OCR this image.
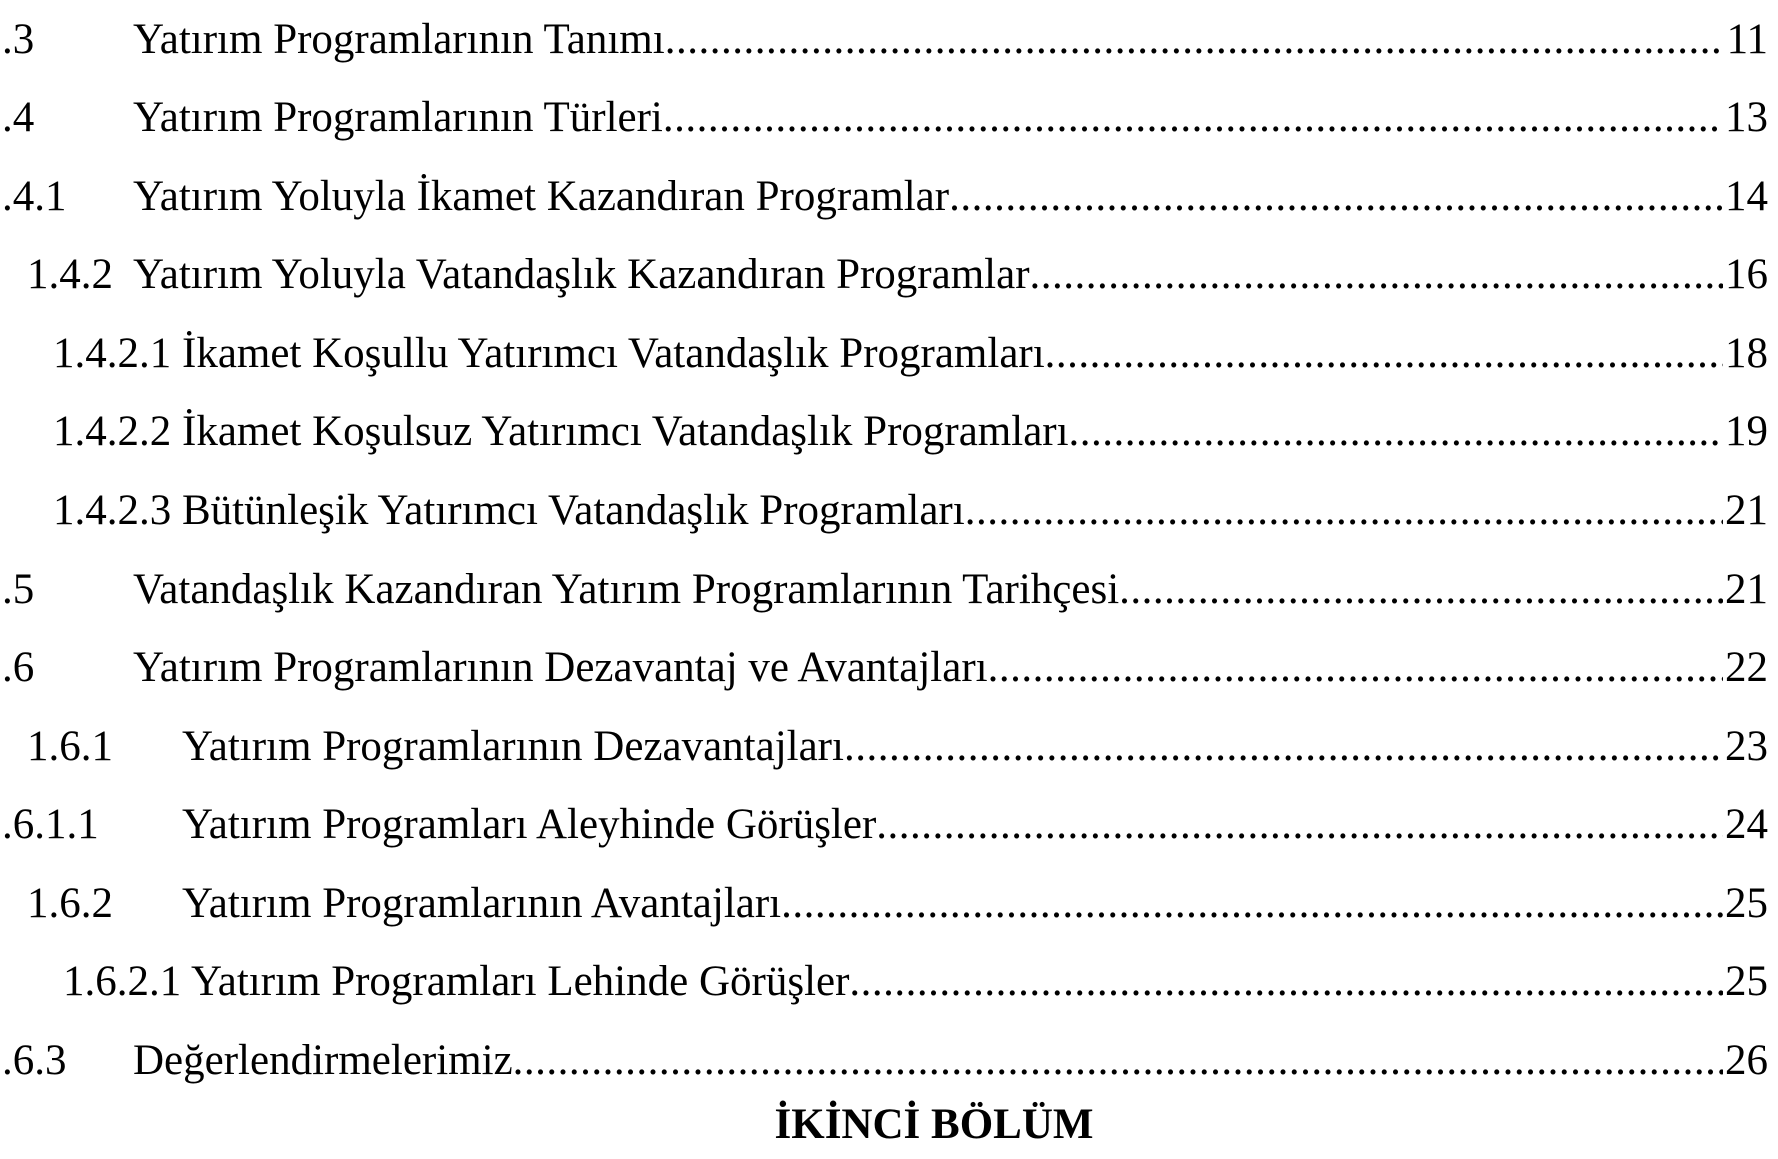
.3 Yatırım Programlarının Tanımı .....	11
.4 Yatırım Programlarının Türleri .....	13
.4.1 Yatırım Yoluyla İkamet Kazandıran Programlar .....	14
1.4.2 Yatırım Yoluyla Vatandaşlık Kazandıran Programlar .....	16
1.4.2.1 İkamet Koşullu Yatırımcı Vatandaşlık Programları .....	18
1.4.2.2 İkamet Koşulsuz Yatırımcı Vatandaşlık Programları .....	19
1.4.2.3 Bütünleşik Yatırımcı Vatandaşlık Programları .....	21
.5 Vatandaşlık Kazandıran Yatırım Programlarının Tarihçesi .....	21
.6 Yatırım Programlarının Dezavantaj ve Avantajları .....	22
1.6.1 Yatırım Programlarının Dezavantajları .....	23
.6.1.1 Yatırım Programları Aleyhinde Görüşler .....	24
1.6.2 Yatırım Programlarının Avantajları .....	25
1.6.2.1 Yatırım Programları Lehinde Görüşler .....	25
.6.3 Değerlendirmelerimiz .....	26
İKİNCİ BÖLÜM
